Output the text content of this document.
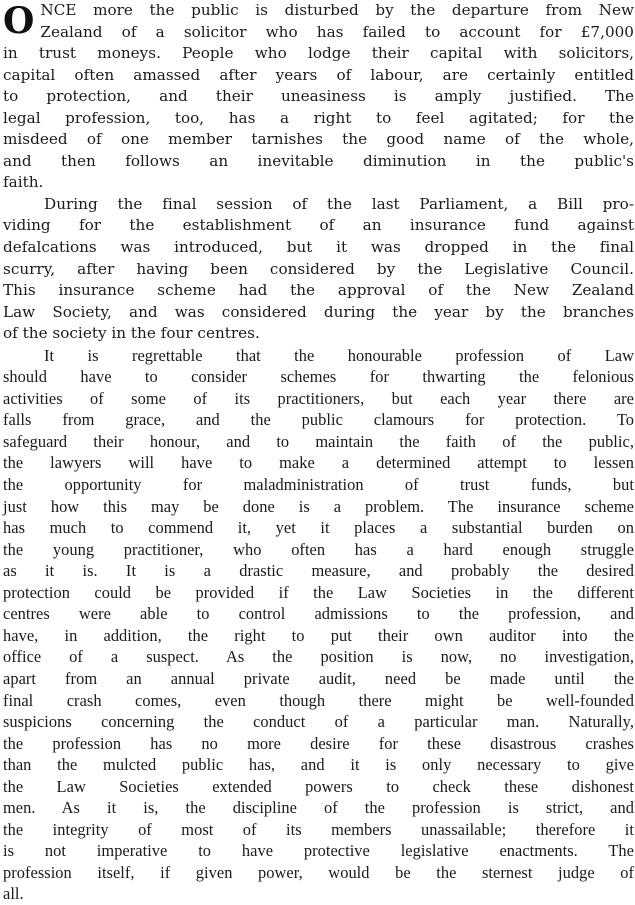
O NCE more the public is disturbed by the departure from New
Zealand of a solicitor who has failed to account for £7,000
in trust moneys. People who lodge their capital with solicitors,
capital often amassed after years of labour, are certainly entitled
to protection, and their uneasiness is amply justified. The
legal profession, too, has a right to feel agitated; for the
misdeed of one member tarnishes the good name of the whole,
and then follows an inevitable diminution in the public's
faith.
During the final session of the last Parliament, a Bill pro-
viding for the establishment of an insurance fund against
defalcations was introduced, but it was dropped in the final
scurry, after having been considered by the Legislative Council.
This insurance scheme had the approval of the New Zealand
Law Society, and was considered during the year by the branches
of the society in the four centres.
It is regrettable that the honourable profession of Law
should have to consider schemes for thwarting the felonious
activities of some of its practitioners, but each year there are
falls from grace, and the public clamours for protection. To
safeguard their honour, and to maintain the faith of the public,
the lawyers will have to make a determined attempt to lessen
the opportunity for maladministration of trust funds, but
just how this may be done is a problem. The insurance scheme
has much to commend it, yet it places a substantial burden on
the young practitioner, who often has a hard enough struggle
as it is. It is a drastic measure, and probably the desired
protection could be provided if the Law Societies in the different
centres were able to control admissions to the profession, and
have, in addition, the right to put their own auditor into the
office of a suspect. As the position is now, no investigation,
apart from an annual private audit, need be made until the
final crash comes, even though there might be well-founded
suspicions concerning the conduct of a particular man. Naturally,
the profession has no more desire for these disastrous crashes
than the mulcted public has, and it is only necessary to give
the Law Societies extended powers to check these dishonest
men. As it is, the discipline of the profession is strict, and
the integrity of most of its members unassailable; therefore it
is not imperative to have protective legislative enactments. The
profession itself, if given power, would be the sternest judge of
all.
